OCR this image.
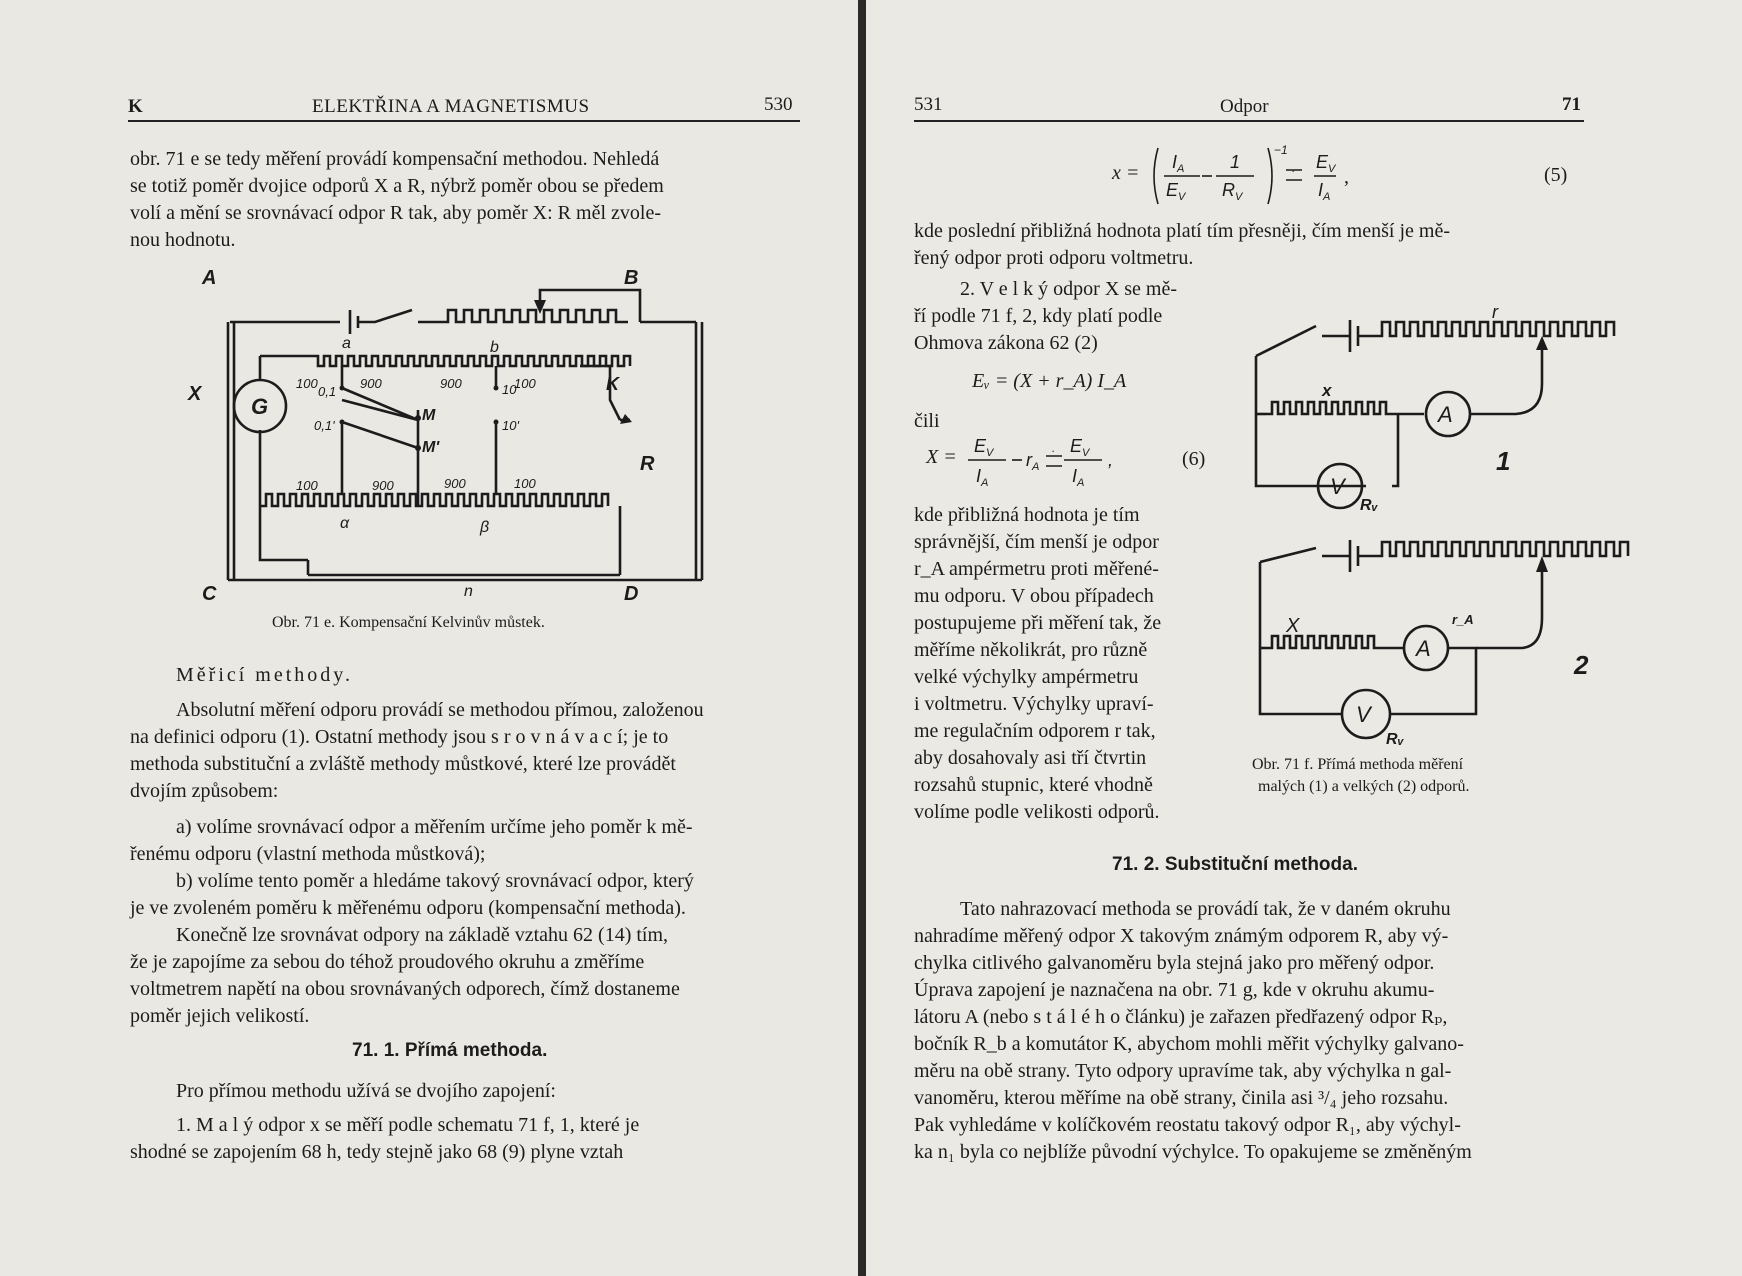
K	ELEKTŘINA A MAGNETISMUS	530
obr. 71 e se tedy měření provádí kompensační methodou. Nehledá
se totiž poměr dvojice odporů X a R, nýbrž poměr obou se předem
volí a mění se srovnávací odpor R tak, aby poměr X: R měl zvole-
nou hodnotu.
A	B
C	D
X
R
G
K
a	b
α	β
n
M
M'
100	900	900	100
100	900	900	100
0,1
0,1'
10
10'
Obr. 71 e. Kompensační Kelvinův můstek.
Měřicí methody.
Absolutní měření odporu provádí se methodou přímou, založenou
na definici odporu (1). Ostatní methody jsou s r o v n á v a c í; je to
methoda substituční a zvláště methody můstkové, které lze provádět
dvojím způsobem:
a) volíme srovnávací odpor a měřením určíme jeho poměr k mě-
řenému odporu (vlastní methoda můstková);
b) volíme tento poměr a hledáme takový srovnávací odpor, který
je ve zvoleném poměru k měřenému odporu (kompensační methoda).
Konečně lze srovnávat odpory na základě vztahu 62 (14) tím,
že je zapojíme za sebou do téhož proudového okruhu a změříme
voltmetrem napětí na obou srovnávaných odporech, čímž dostaneme
poměr jejich velikostí.
71. 1. Přímá methoda.
Pro přímou methodu užívá se dvojího zapojení:
1. M a l ý odpor x se měří podle schematu 71 f, 1, které je
shodné se zapojením 68 h, tedy stejně jako 68 (9) plyne vztah
531	Odpor	71
$x = I_A$
$E_V$
1
$R_V$
−1
. $E_V$
$I_A$
,	(5)
kde poslední přibližná hodnota platí tím přesněji, čím menší je mě-
řený odpor proti odporu voltmetru.
2. V e l k ý odpor X se mě-
ří podle 71 f, 2, kdy platí podle
Ohmova zákona 62 (2)
Eᵥ = (X + r_A) I_A
čili
$X = E_V$
$I_A$
$r_A$
. $E_V$
$I_A$
,	(6)
kde přibližná hodnota je tím
správnější, čím menší je odpor
r_A ampérmetru proti měřené-
mu odporu. V obou případech
postupujeme při měření tak, že
měříme několikrát, pro různě
velké výchylky ampérmetru
i voltmetru. Výchylky upraví-
me regulačním odporem r tak,
aby dosahovaly asi tří čtvrtin
rozsahů stupnic, které vhodně
volíme podle velikosti odporů.
r
x
A
V
Rᵥ
1
X	r_A
A
V
Rᵥ
2
Obr. 71 f. Přímá methoda měření
malých (1) a velkých (2) odporů.
71. 2. Substituční methoda.
Tato nahrazovací methoda se provádí tak, že v daném okruhu
nahradíme měřený odpor X takovým známým odporem R, aby vý-
chylka citlivého galvanoměru byla stejná jako pro měřený odpor.
Úprava zapojení je naznačena na obr. 71 g, kde v okruhu akumu-
látoru A (nebo s t á l é h o článku) je zařazen předřazený odpor Rₚ,
bočník R_b a komutátor K, abychom mohli měřit výchylky galvano-
měru na obě strany. Tyto odpory upravíme tak, aby výchylka n gal-
vanoměru, kterou měříme na obě strany, činila asi ³/₄ jeho rozsahu.
Pak vyhledáme v kolíčkovém reostatu takový odpor R₁, aby výchyl-
ka n₁ byla co nejblíže původní výchylce. To opakujeme se změněným
